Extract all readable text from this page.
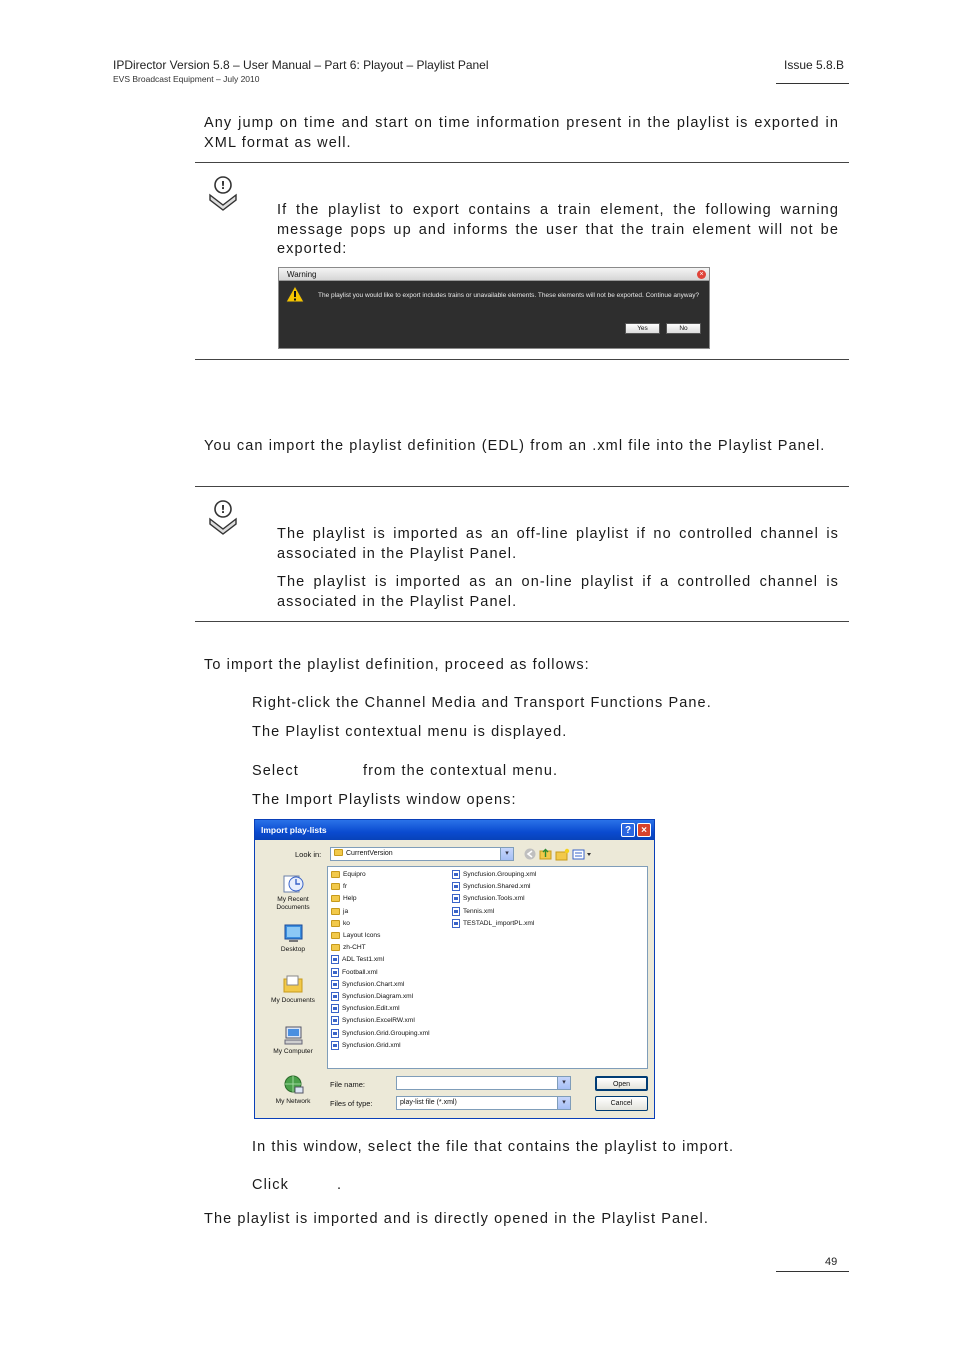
IPDirector Version 5.8 – User Manual – Part 6: Playout – Playlist Panel
EVS Broadcast Equipment – July 2010
Issue 5.8.B
Any jump on time and start on time information present in the playlist is exported in XML format as well.
!
If the playlist to export contains a train element, the following warning message pops up and informs the user that the train element will not be exported:
Warning	×
The playlist you would like to export includes trains or unavailable elements. These elements will not be exported. Continue anyway?
Yes	No
You can import the playlist definition (EDL) from an .xml file into the Playlist Panel.
!
The playlist is imported as an off-line playlist if no controlled channel is associated in the Playlist Panel.
The playlist is imported as an on-line playlist if a controlled channel is associated in the Playlist Panel.
To import the playlist definition, proceed as follows:
Right-click the Channel Media and Transport Functions Pane.
The Playlist contextual menu is displayed.
Select	from the contextual menu.
The Import Playlists window opens:
Import play-lists	?	×
Look in:	CurrentVersion	▾
My Recent Documents
Desktop
My Documents
My Computer
My Network
Equipro
fr
Help
ja
ko
Layout Icons
zh-CHT
ADL Test1.xml
Football.xml
Syncfusion.Chart.xml
Syncfusion.Diagram.xml
Syncfusion.Edit.xml
Syncfusion.ExcelRW.xml
Syncfusion.Grid.Grouping.xml
Syncfusion.Grid.xml
Syncfusion.Grouping.xml
Syncfusion.Shared.xml
Syncfusion.Tools.xml
Tennis.xml
TESTADL_importPL.xml
File name:	▾
Files of type:	play-list file (*.xml)	▾
Open
Cancel
In this window, select the file that contains the playlist to import.
Click	.
The playlist is imported and is directly opened in the Playlist Panel.
49
